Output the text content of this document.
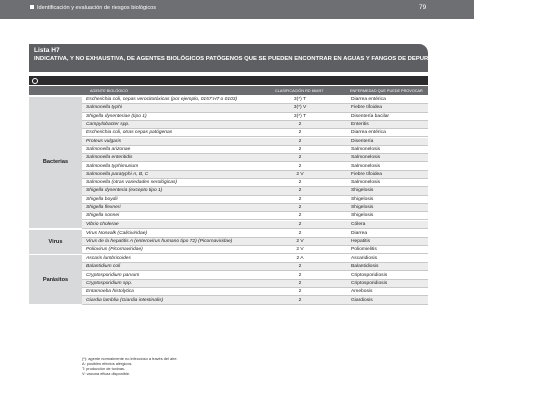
Identificación y evaluación de riesgos biológicos	79
Lista H7
INDICATIVA, Y NO EXHAUSTIVA, DE AGENTES BIOLÓGICOS PATÓGENOS QUE SE PUEDEN ENCONTRAR EN AGUAS Y FANGOS DE DEPURADORAS DE AGUAS RESIDUALES URBANAS
AGENTE BIOLÓGICO	CLASIFICACIÓN RD 664/97	ENFERMEDAD QUE PUEDE PROVOCAR
Bacterias
Escherichia coli, cepas verocitotóxicas (por ejemplo, 0157:H7 o 0103)	3(*) T	Diarrea entérica
Salmonella typhi	3(*) V	Fiebre tifoidea
Shigella dysenteriae (tipo 1)	3(*) T	Disentería bacilar
Campylobacter spp.	2	Enteritis
Escherichia coli, otras cepas patógenas	2	Diarrea entérica
Proteus vulgaris	2	Disentería
Salmonella arizonae	2	Salmonelosis
Salmonella enteritidis	2	Salmonelosis
Salmonella typhimurium	2	Salmonelosis
Salmonella paratyphi A, B, C	2 V	Fiebre tifoidea
Salmonella (otras variedades serológicas)	2	Salmonelosis
Shigella dysenteria (excepto tipo 1)	2	Shigelosis
Shigella boydii	2	Shigelosis
Shigella flexneri	2	Shigelosis
Shigella sonnei	2	Shigelosis
Vibrio cholerae	2	Cólera
Virus
Virus Norwalk (Caliciviridae)	2	Diarrea
Virus de la hepatitis A (enterovirus humano tipo 72) (Picornaviridae)	2 V	Hepatitis
Poliovirus (Picornaviridae)	2 V	Poliomielitis
Parásitos
Ascaris lumbricoides	2 A	Ascaridiosis
Balantidium coli	2	Balantidiosis
Cryptosporidium parvum	2	Criptosporidiosis
Cryptosporidium spp.	2	Criptosporidiosis
Entamoeba histolytica	2	Amebosis
Giardia lamblia (Giardia intestinalis)	2	Giardiosis
(*): agente normalmente no infeccioso a través del aire.
A: posibles efectos alérgicos.
T: producción de toxinas.
V: vacuna eficaz disponible.
